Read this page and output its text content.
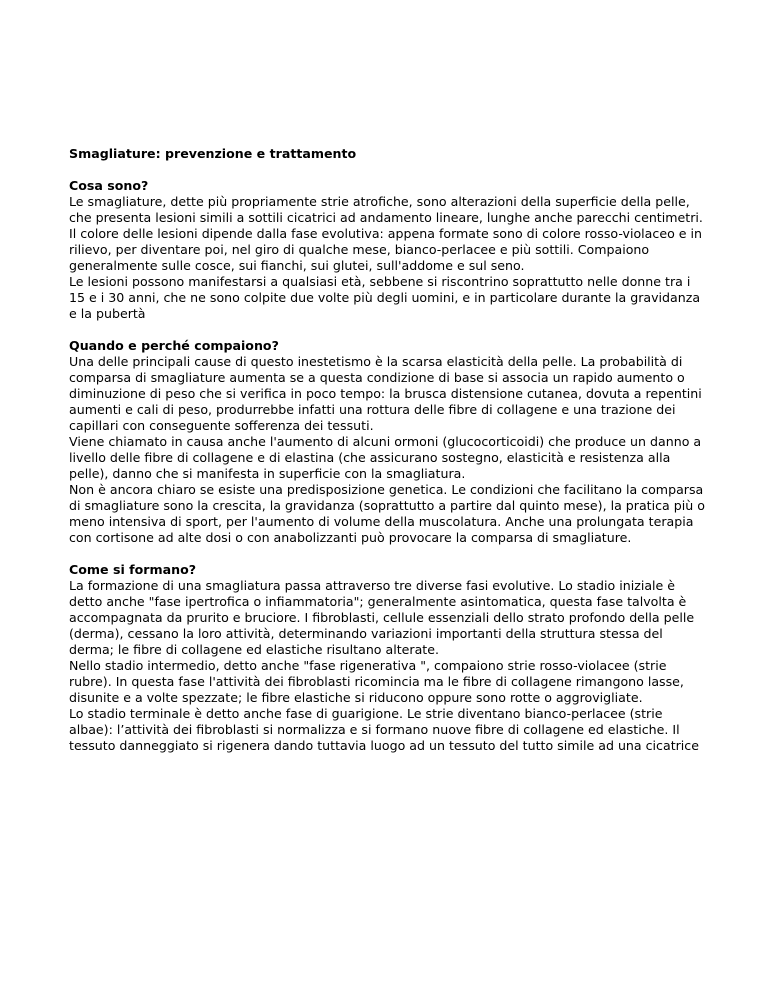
Smagliature: prevenzione e trattamento

Cosa sono?

Le smagliature, dette più propriamente strie atrofiche, sono alterazioni della superficie della pelle, che presenta lesioni simili a sottili cicatrici ad andamento lineare, lunghe anche parecchi centimetri. Il colore delle lesioni dipende dalla fase evolutiva: appena formate sono di colore rosso-violaceo e in rilievo, per diventare poi, nel giro di qualche mese, bianco-perlacee e più sottili. Compaiono generalmente sulle cosce, sui fianchi, sui glutei, sull'addome e sul seno.

Le lesioni possono manifestarsi a qualsiasi età, sebbene si riscontrino soprattutto nelle donne tra i 15 e i 30 anni, che ne sono colpite due volte più degli uomini, e in particolare durante la gravidanza e la pubertà

Quando e perché compaiono?

Una delle principali cause di questo inestetismo è la scarsa elasticità della pelle. La probabilità di comparsa di smagliature aumenta se a questa condizione di base si associa un rapido aumento o diminuzione di peso che si verifica in poco tempo: la brusca distensione cutanea, dovuta a repentini aumenti e cali di peso, produrrebbe infatti una rottura delle fibre di collagene e una trazione dei capillari con conseguente sofferenza dei tessuti.

Viene chiamato in causa anche l'aumento di alcuni ormoni (glucocorticoidi) che produce un danno a livello delle fibre di collagene e di elastina (che assicurano sostegno, elasticità e resistenza alla pelle), danno che si manifesta in superficie con la smagliatura.

Non è ancora chiaro se esiste una predisposizione genetica. Le condizioni che facilitano la comparsa di smagliature sono la crescita, la gravidanza (soprattutto a partire dal quinto mese), la pratica più o meno intensiva di sport, per l'aumento di volume della muscolatura. Anche una prolungata terapia con cortisone ad alte dosi o con anabolizzanti può provocare la comparsa di smagliature.

Come si formano?

La formazione di una smagliatura passa attraverso tre diverse fasi evolutive. Lo stadio iniziale è detto anche "fase ipertrofica o infiammatoria"; generalmente asintomatica, questa fase talvolta è accompagnata da prurito e bruciore. I fibroblasti, cellule essenziali dello strato profondo della pelle (derma), cessano la loro attività, determinando variazioni importanti della struttura stessa del derma; le fibre di collagene ed elastiche risultano alterate.

Nello stadio intermedio, detto anche "fase rigenerativa ", compaiono strie rosso-violacee (strie rubre). In questa fase l'attività dei fibroblasti ricomincia ma le fibre di collagene rimangono lasse, disunite e a volte spezzate; le fibre elastiche si riducono oppure sono rotte o aggrovigliate.

Lo stadio terminale è detto anche fase di guarigione. Le strie diventano bianco-perlacee (strie albae): l’attività dei fibroblasti si normalizza e si formano nuove fibre di collagene ed elastiche. Il tessuto danneggiato si rigenera dando tuttavia luogo ad un tessuto del tutto simile ad una cicatrice
